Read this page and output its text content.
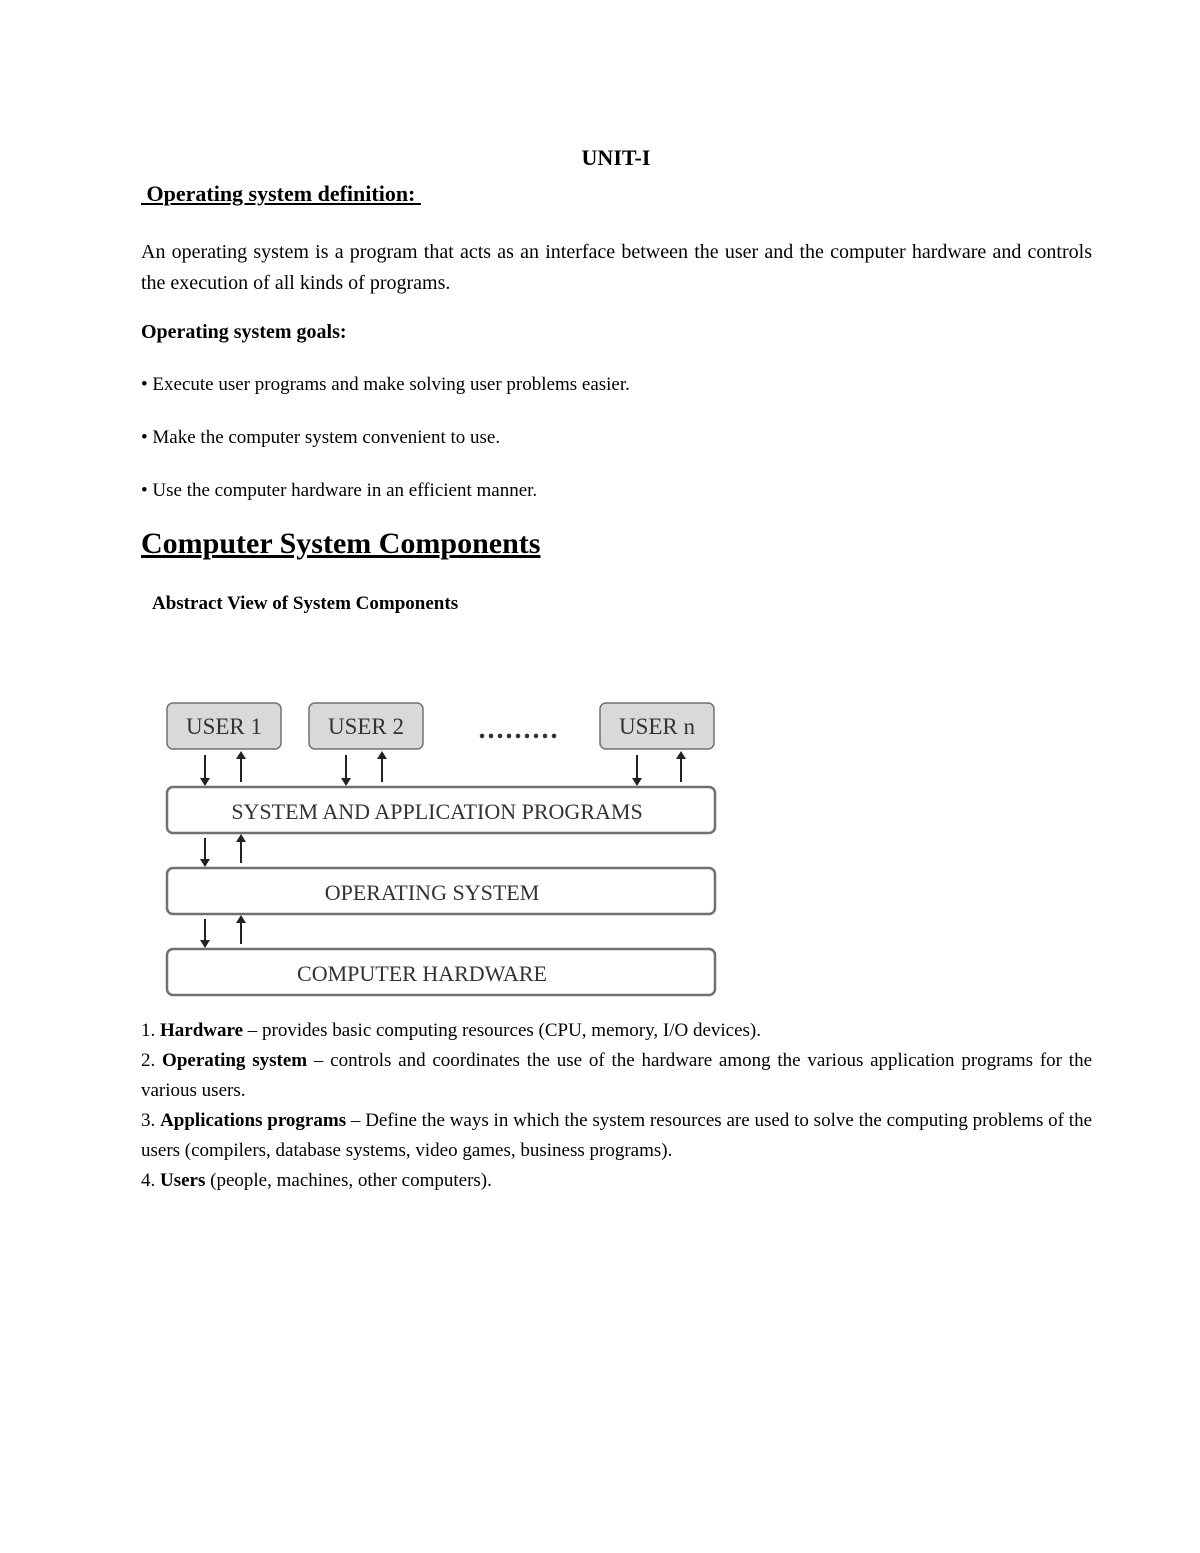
UNIT-I
Operating system definition:

An operating system is a program that acts as an interface between the user and the computer hardware and controls the execution of all kinds of programs.

Operating system goals:
• Execute user programs and make solving user problems easier.
• Make the computer system convenient to use.
• Use the computer hardware in an efficient manner.
Computer System Components
Abstract View of System Components
USER 1	USER 2	.........	USER n
SYSTEM AND APPLICATION PROGRAMS
OPERATING SYSTEM
COMPUTER HARDWARE
1. Hardware – provides basic computing resources (CPU, memory, I/O devices).
2. Operating system – controls and coordinates the use of the hardware among the various application programs for the various users.
3. Applications programs – Define the ways in which the system resources are used to solve the computing problems of the users (compilers, database systems, video games, business programs).
4. Users (people, machines, other computers).
